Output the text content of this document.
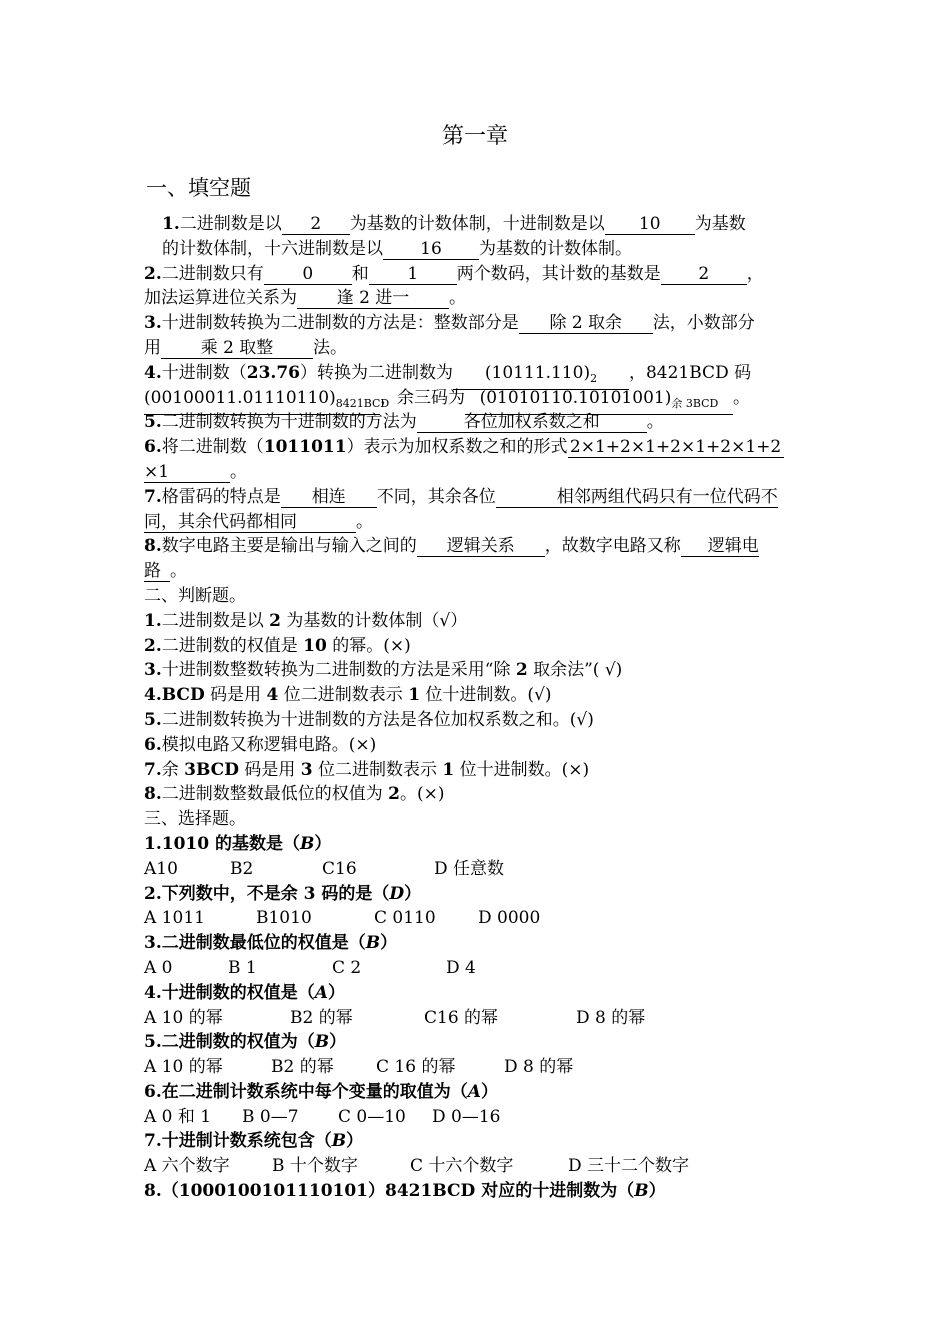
第一章
一、填空题
1.二进制数是以 2 为基数的计数体制，十进制数是以 10 为基数
的计数体制，十六进制数是以 16 为基数的计数体制。
2.二进制数只有 0 和 1 两个数码，其计数的基数是 2 ，
加法运算进位关系为 逢 2 进一 。
3.十进制数转换为二进制数的方法是：整数部分是 除 2 取余 法，小数部分
用 乘 2 取整 法。
4.十进制数（23.76）转换为二进制数为 $(10111.110)_2$ ，8421BCD 码
$(00100011.01110110)_{8421BCD}$，余三码为 $(01010110.10101001)_{余 3BCD}$ 。
5.二进制数转换为十进制数的方法为	各位加权系数之和	。
6.将二进制数（1011011）表示为加权系数之和的形式 2×1+2×1+2×1+2×1+2
×1	。
7.格雷码的特点是 相连 不同，其余各位	相邻两组代码只有一位代码不
同，其余代码都相同	。
8.数字电路主要是输出与输入之间的 逻辑关系 ，故数字电路又称 逻辑电
路 。
二、判断题。
1.二进制数是以 2 为基数的计数体制（√）
2.二进制数的权值是 10 的幂。(×)
3.十进制数整数转换为二进制数的方法是采用“除 2 取余法”( √)
4.BCD 码是用 4 位二进制数表示 1 位十进制数。(√)
5.二进制数转换为十进制数的方法是各位加权系数之和。(√)
6.模拟电路又称逻辑电路。(×)
7.余 3BCD 码是用 3 位二进制数表示 1 位十进制数。(×)
8.二进制数整数最低位的权值为 2。(×)
三、选择题。
1.1010 的基数是（B）
A10	B2	C16	D 任意数
2.下列数中，不是余 3 码的是（D）
A 1011	B1010	C 0110 D 0000
3.二进制数最低位的权值是（B）
A 0	B 1	C 2	D 4
4.十进制数的权值是（A）
A 10 的幂	B2 的幂	C16 的幂	D 8 的幂
5.二进制数的权值为（B）
A 10 的幂	B2 的幂 C 16 的幂	D 8 的幂
6.在二进制计数系统中每个变量的取值为（A）
A 0 和 1 B 0—7 C 0—10 D 0—16
7.十进制计数系统包含（B）
A 六个数字 B 十个数字	C 十六个数字	D 三十二个数字
8.（1000100101110101）8421BCD 对应的十进制数为（B）
